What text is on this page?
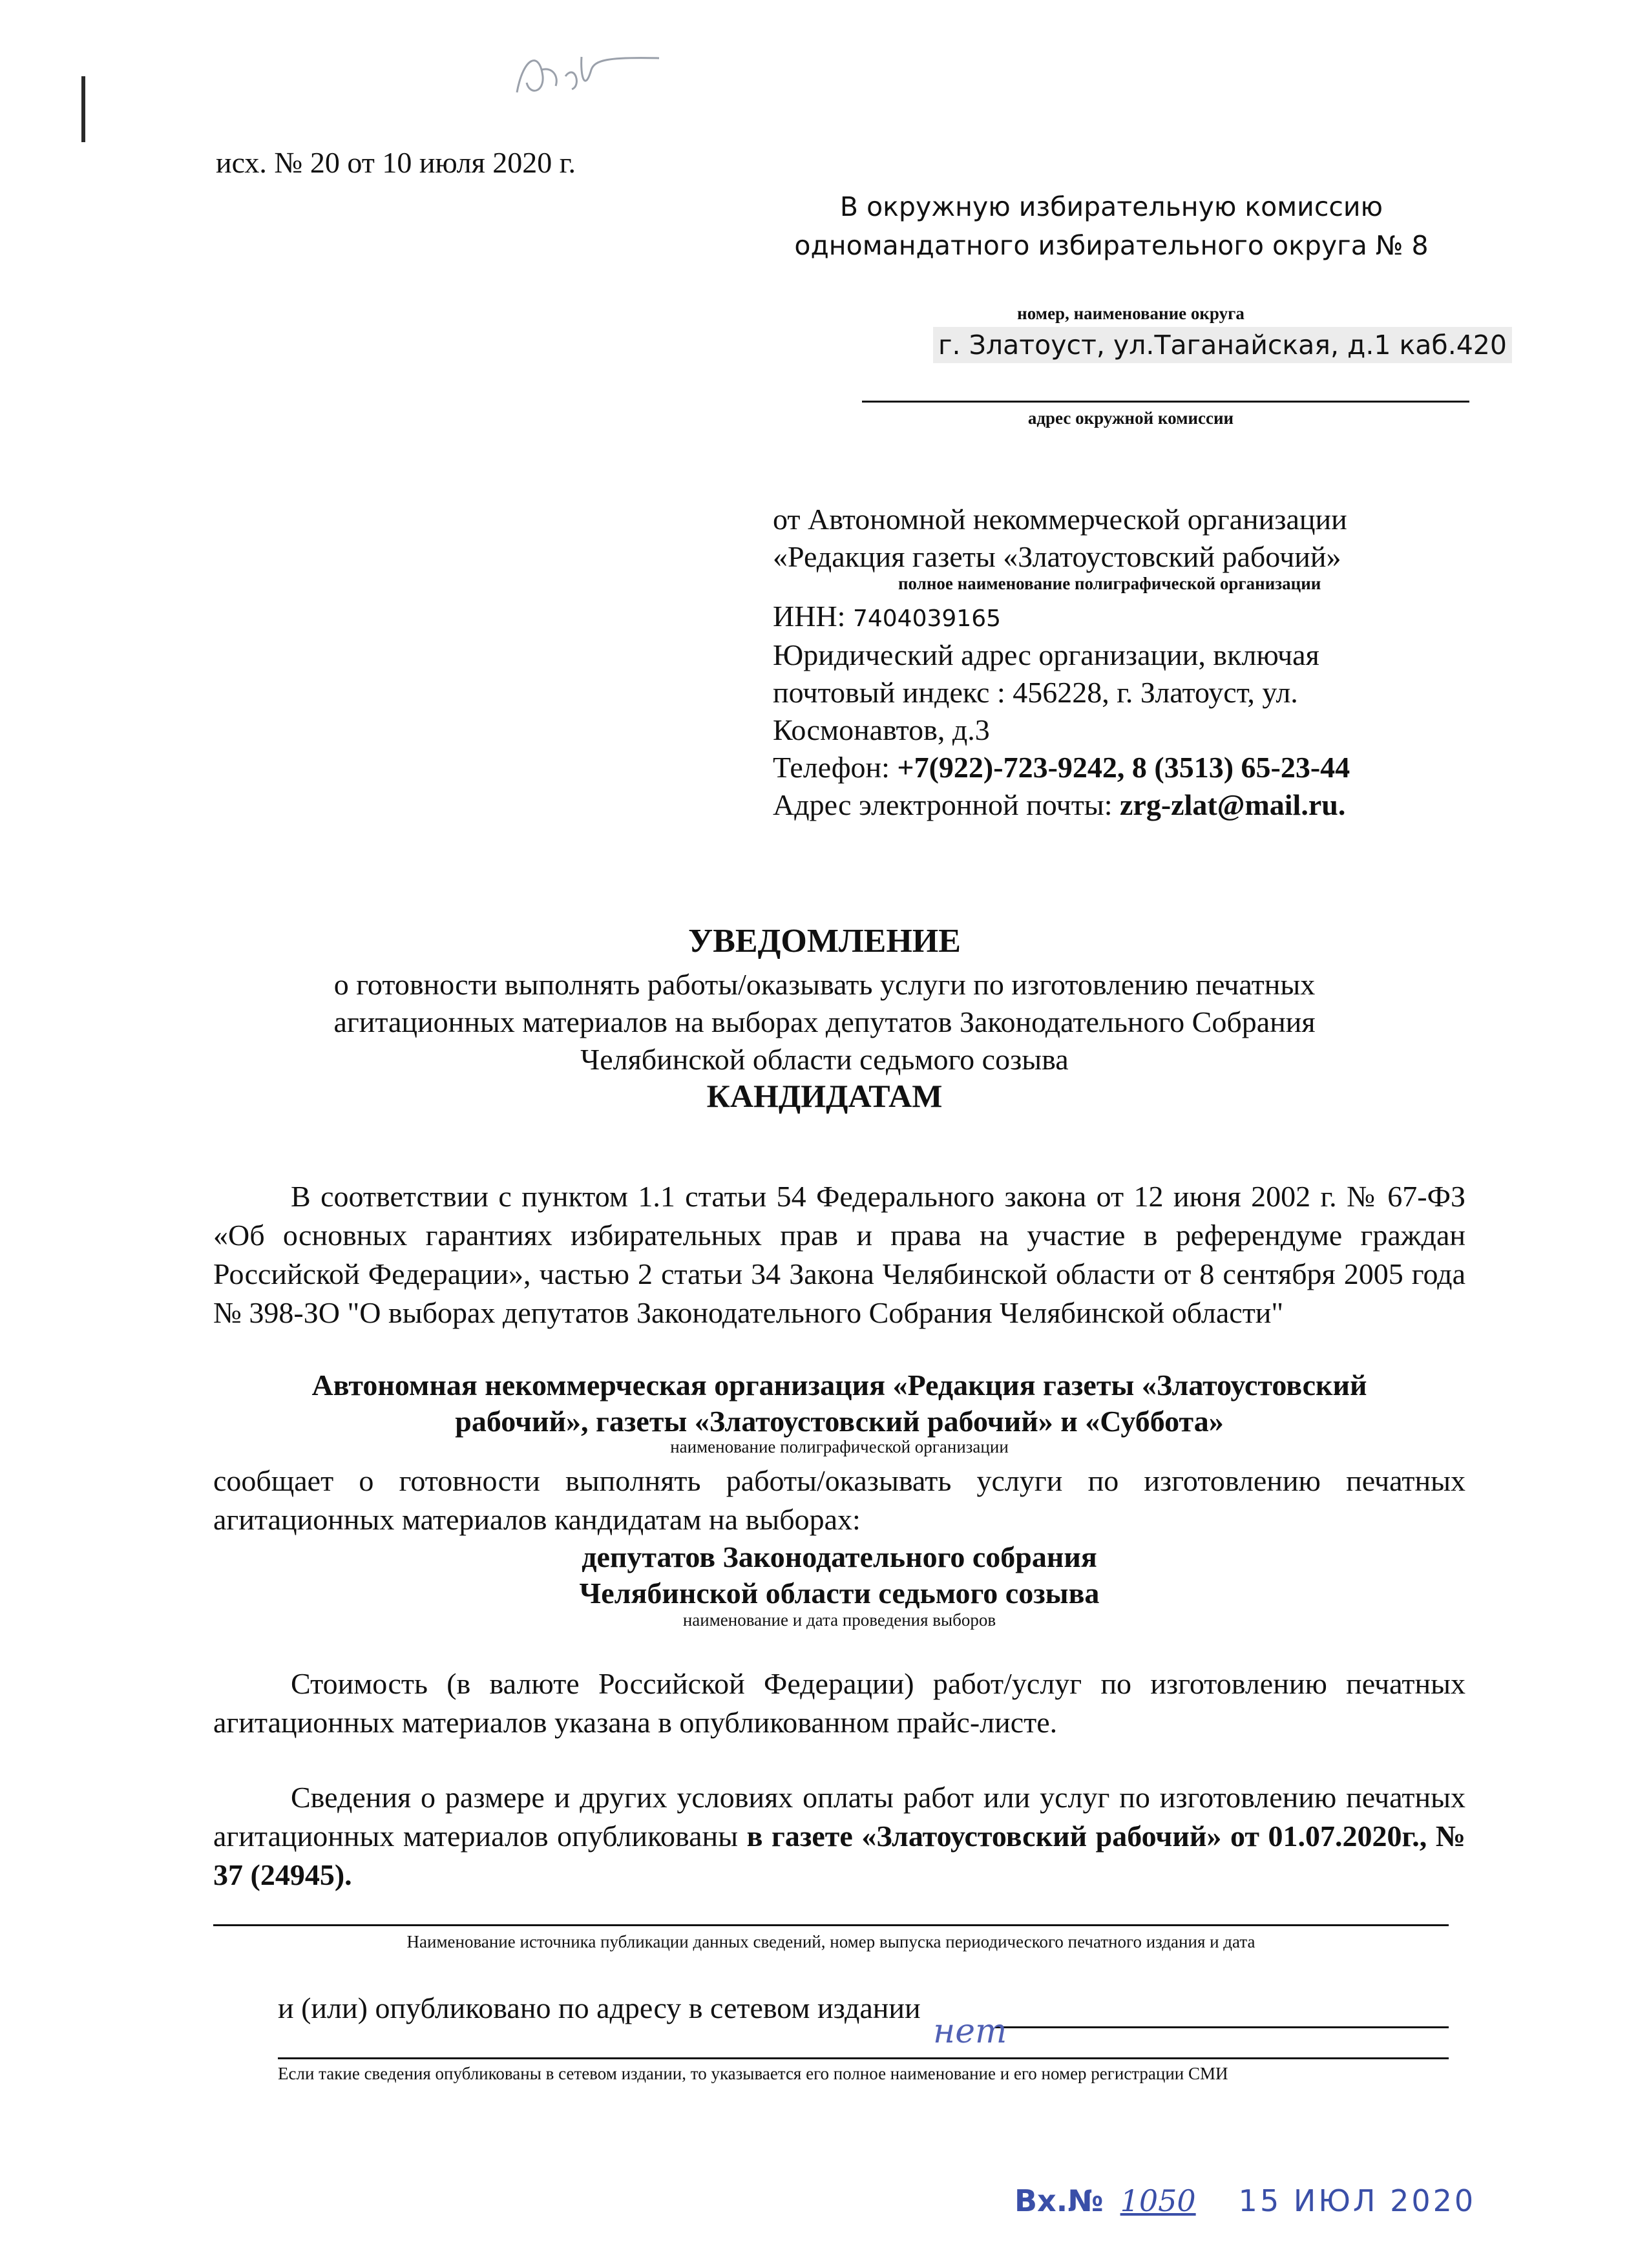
исх. № 20 от 10 июля 2020 г.
В окружную избирательную комиссию
одномандатного избирательного округа № 8
номер, наименование округа
г. Златоуст, ул.Таганайская, д.1 каб.420
адрес окружной комиссии
от Автономной некоммерческой организации
«Редакция газеты «Златоустовский рабочий»
полное наименование полиграфической организации
ИНН: 7404039165
Юридический адрес организации, включая
почтовый индекс : 456228, г. Златоуст, ул.
Космонавтов, д.3
Телефон: +7(922)-723-9242, 8 (3513) 65-23-44
Адрес электронной почты: zrg-zlat@mail.ru.
УВЕДОМЛЕНИЕ
о готовности выполнять работы/оказывать услуги по изготовлению печатных
агитационных материалов на выборах депутатов Законодательного Собрания
Челябинской области седьмого созыва
КАНДИДАТАМ
В соответствии с пунктом 1.1 статьи 54 Федерального закона от 12 июня 2002 г. № 67-ФЗ «Об основных гарантиях избирательных прав и права на участие в референдуме граждан Российской Федерации», частью 2 статьи 34 Закона Челябинской области от 8 сентября 2005 года № 398-ЗО "О выборах депутатов Законодательного Собрания Челябинской области"
Автономная некоммерческая организация «Редакция газеты «Златоустовский
рабочий», газеты «Златоустовский рабочий» и «Суббота»
наименование полиграфической организации
сообщает о готовности выполнять работы/оказывать услуги по изготовлению печатных агитационных материалов кандидатам на выборах:
депутатов Законодательного собрания
Челябинской области седьмого созыва
наименование и дата проведения выборов
Стоимость (в валюте Российской Федерации) работ/услуг по изготовлению печатных агитационных материалов указана в опубликованном прайс-листе.
Сведения о размере и других условиях оплаты работ или услуг по изготовлению печатных агитационных материалов опубликованы в газете «Златоустовский рабочий» от 01.07.2020г., № 37 (24945).
Наименование источника публикации данных сведений, номер выпуска периодического печатного издания и дата
и (или) опубликовано по адресу в сетевом издании
нет
Если такие сведения опубликованы в сетевом издании, то указывается его полное наименование и его номер регистрации СМИ
Вх.№ 1050 15 ИЮЛ 2020
